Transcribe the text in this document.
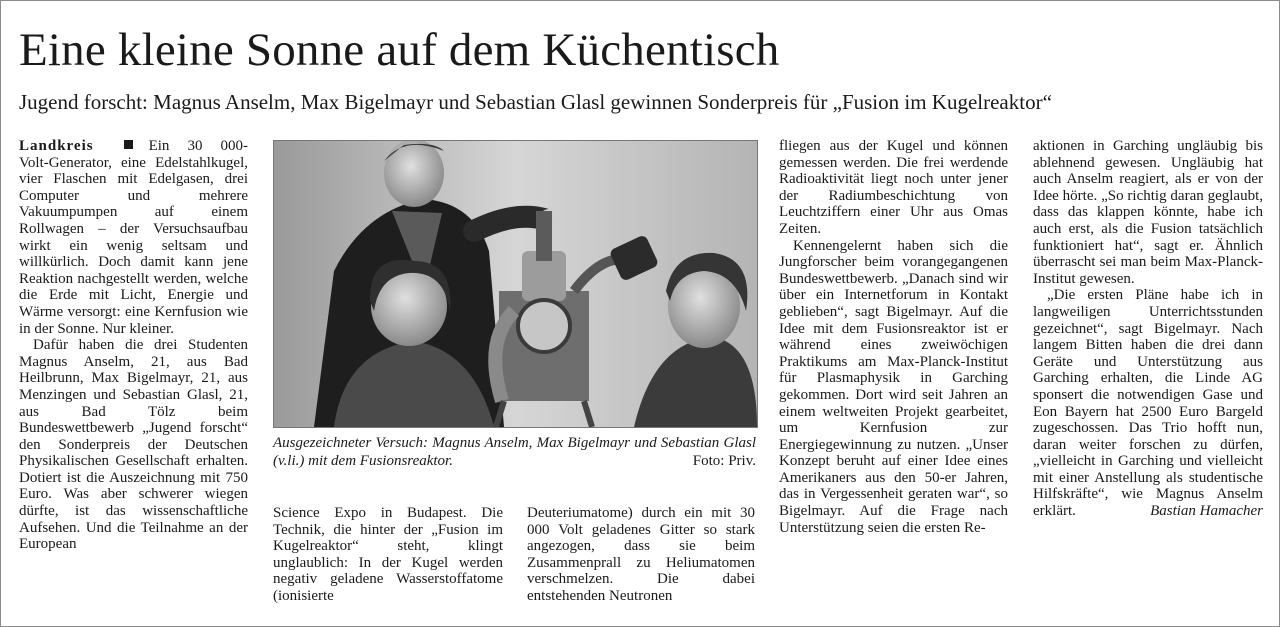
Eine kleine Sonne auf dem Küchentisch
Jugend forscht: Magnus Anselm, Max Bigelmayr und Sebastian Glasl gewinnen Sonderpreis für „Fusion im Kugelreaktor“

Landkreis	Ein 30 000-Volt-Generator, eine Edelstahlkugel, vier Flaschen mit Edelgasen, drei Computer und mehrere Vakuumpumpen auf einem Rollwagen – der Versuchsaufbau wirkt ein wenig seltsam und willkürlich. Doch damit kann jene Reaktion nachgestellt werden, welche die Erde mit Licht, Energie und Wärme versorgt: eine Kernfusion wie in der Sonne. Nur kleiner.

Dafür haben die drei Studenten Magnus Anselm, 21, aus Bad Heilbrunn, Max Bigelmayr, 21, aus Menzingen und Sebastian Glasl, 21, aus Bad Tölz beim Bundeswettbewerb „Jugend forscht“ den Sonderpreis der Deutschen Physikalischen Gesellschaft erhalten. Dotiert ist die Auszeichnung mit 750 Euro. Was aber schwerer wiegen dürfte, ist das wissenschaftliche Aufsehen. Und die Teilnahme an der European

Ausgezeichneter Versuch: Magnus Anselm, Max Bigelmayr und Sebastian Glasl (v.li.) mit dem Fusionsreaktor.	Foto: Priv.

Science Expo in Budapest. Die Technik, die hinter der „Fusion im Kugelreaktor“ steht, klingt unglaublich: In der Kugel werden negativ geladene Wasserstoffatome (ionisierte

Deuteriumatome) durch ein mit 30 000 Volt geladenes Gitter so stark angezogen, dass sie beim Zusammenprall zu Heliumatomen verschmelzen. Die dabei entstehenden Neutronen

fliegen aus der Kugel und können gemessen werden. Die frei werdende Radioaktivität liegt noch unter jener der Radiumbeschichtung von Leuchtziffern einer Uhr aus Omas Zeiten.

Kennengelernt haben sich die Jungforscher beim vorangegangenen Bundeswettbewerb. „Danach sind wir über ein Internetforum in Kontakt geblieben“, sagt Bigelmayr. Auf die Idee mit dem Fusionsreaktor ist er während eines zweiwöchigen Praktikums am Max-Planck-Institut für Plasmaphysik in Garching gekommen. Dort wird seit Jahren an einem weltweiten Projekt gearbeitet, um Kernfusion zur Energiegewinnung zu nutzen. „Unser Konzept beruht auf einer Idee eines Amerikaners aus den 50-er Jahren, das in Vergessenheit geraten war“, so Bigelmayr. Auf die Frage nach Unterstützung seien die ersten Re-

aktionen in Garching ungläubig bis ablehnend gewesen. Ungläubig hat auch Anselm reagiert, als er von der Idee hörte. „So richtig daran geglaubt, dass das klappen könnte, habe ich auch erst, als die Fusion tatsächlich funktioniert hat“, sagt er. Ähnlich überrascht sei man beim Max-Planck-Institut gewesen.

„Die ersten Pläne habe ich in langweiligen Unterrichtsstunden gezeichnet“, sagt Bigelmayr. Nach langem Bitten haben die drei dann Geräte und Unterstützung aus Garching erhalten, die Linde AG sponsert die notwendigen Gase und Eon Bayern hat 2500 Euro Bargeld zugeschossen. Das Trio hofft nun, daran weiter forschen zu dürfen, „vielleicht in Garching und vielleicht mit einer Anstellung als studentische Hilfskräfte“, wie Magnus Anselm erklärt.	Bastian Hamacher
